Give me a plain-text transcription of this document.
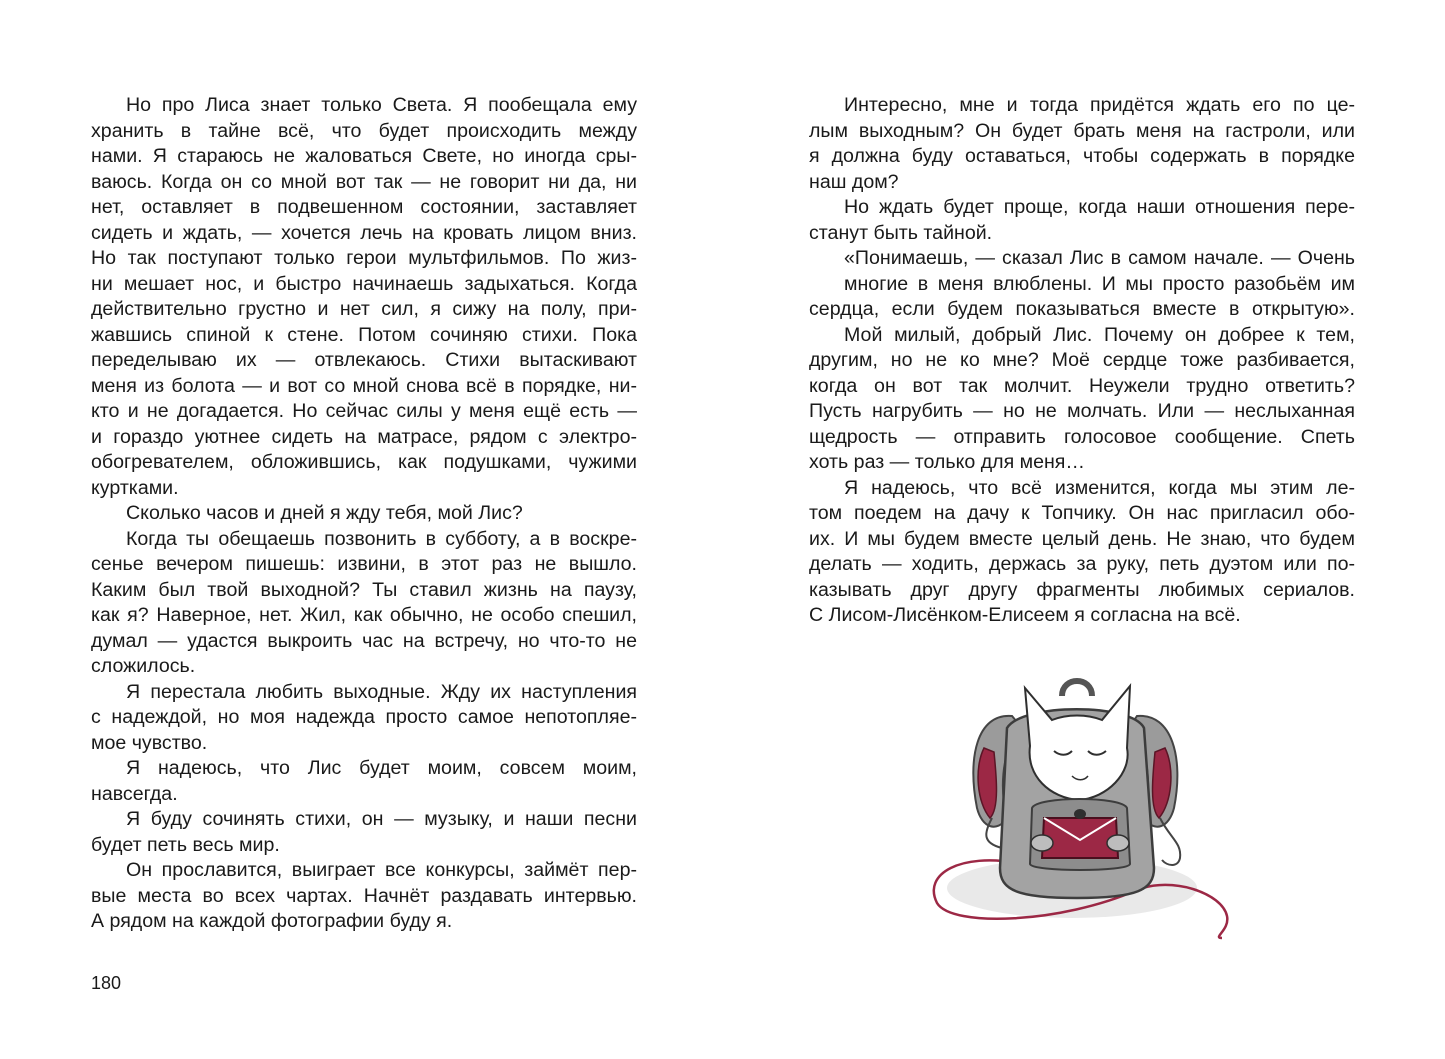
Но про Лиса знает только Света. Я пообещала ему
хранить в тайне всё, что будет происходить между
нами. Я стараюсь не жаловаться Свете, но иногда сры-
ваюсь. Когда он со мной вот так — не говорит ни да, ни
нет, оставляет в подвешенном состоянии, заставляет
сидеть и ждать, — хочется лечь на кровать лицом вниз.
Но так поступают только герои мультфильмов. По жиз-
ни мешает нос, и быстро начинаешь задыхаться. Когда
действительно грустно и нет сил, я сижу на полу, при-
жавшись спиной к стене. Потом сочиняю стихи. Пока
переделываю их — отвлекаюсь. Стихи вытаскивают
меня из болота — и вот со мной снова всё в порядке, ни-
кто и не догадается. Но сейчас силы у меня ещё есть —
и гораздо уютнее сидеть на матрасе, рядом с электро-
обогревателем, обложившись, как подушками, чужими
куртками.
Сколько часов и дней я жду тебя, мой Лис?
Когда ты обещаешь позвонить в субботу, а в воскре-
сенье вечером пишешь: извини, в этот раз не вышло.
Каким был твой выходной? Ты ставил жизнь на паузу,
как я? Наверное, нет. Жил, как обычно, не особо спешил,
думал — удастся выкроить час на встречу, но что-то не
сложилось.
Я перестала любить выходные. Жду их наступления
с надеждой, но моя надежда просто самое непотопляе-
мое чувство.
Я надеюсь, что Лис будет моим, совсем моим,
навсегда.
Я буду сочинять стихи, он — музыку, и наши песни
будет петь весь мир.
Он прославится, выиграет все конкурсы, займёт пер-
вые места во всех чартах. Начнёт раздавать интервью.
А рядом на каждой фотографии буду я.
180
Интересно, мне и тогда придётся ждать его по це-
лым выходным? Он будет брать меня на гастроли, или
я должна буду оставаться, чтобы содержать в порядке
наш дом?
Но ждать будет проще, когда наши отношения пере-
станут быть тайной.
«Понимаешь, — сказал Лис в самом начале. — Очень
многие в меня влюблены. И мы просто разобьём им
сердца, если будем показываться вместе в открытую».
Мой милый, добрый Лис. Почему он добрее к тем,
другим, но не ко мне? Моё сердце тоже разбивается,
когда он вот так молчит. Неужели трудно ответить?
Пусть нагрубить — но не молчать. Или — неслыханная
щедрость — отправить голосовое сообщение. Спеть
хоть раз — только для меня…
Я надеюсь, что всё изменится, когда мы этим ле-
том поедем на дачу к Топчику. Он нас пригласил обо-
их. И мы будем вместе целый день. Не знаю, что будем
делать — ходить, держась за руку, петь дуэтом или по-
казывать друг другу фрагменты любимых сериалов.
С Лисом-Лисёнком-Елисеем я согласна на всё.
